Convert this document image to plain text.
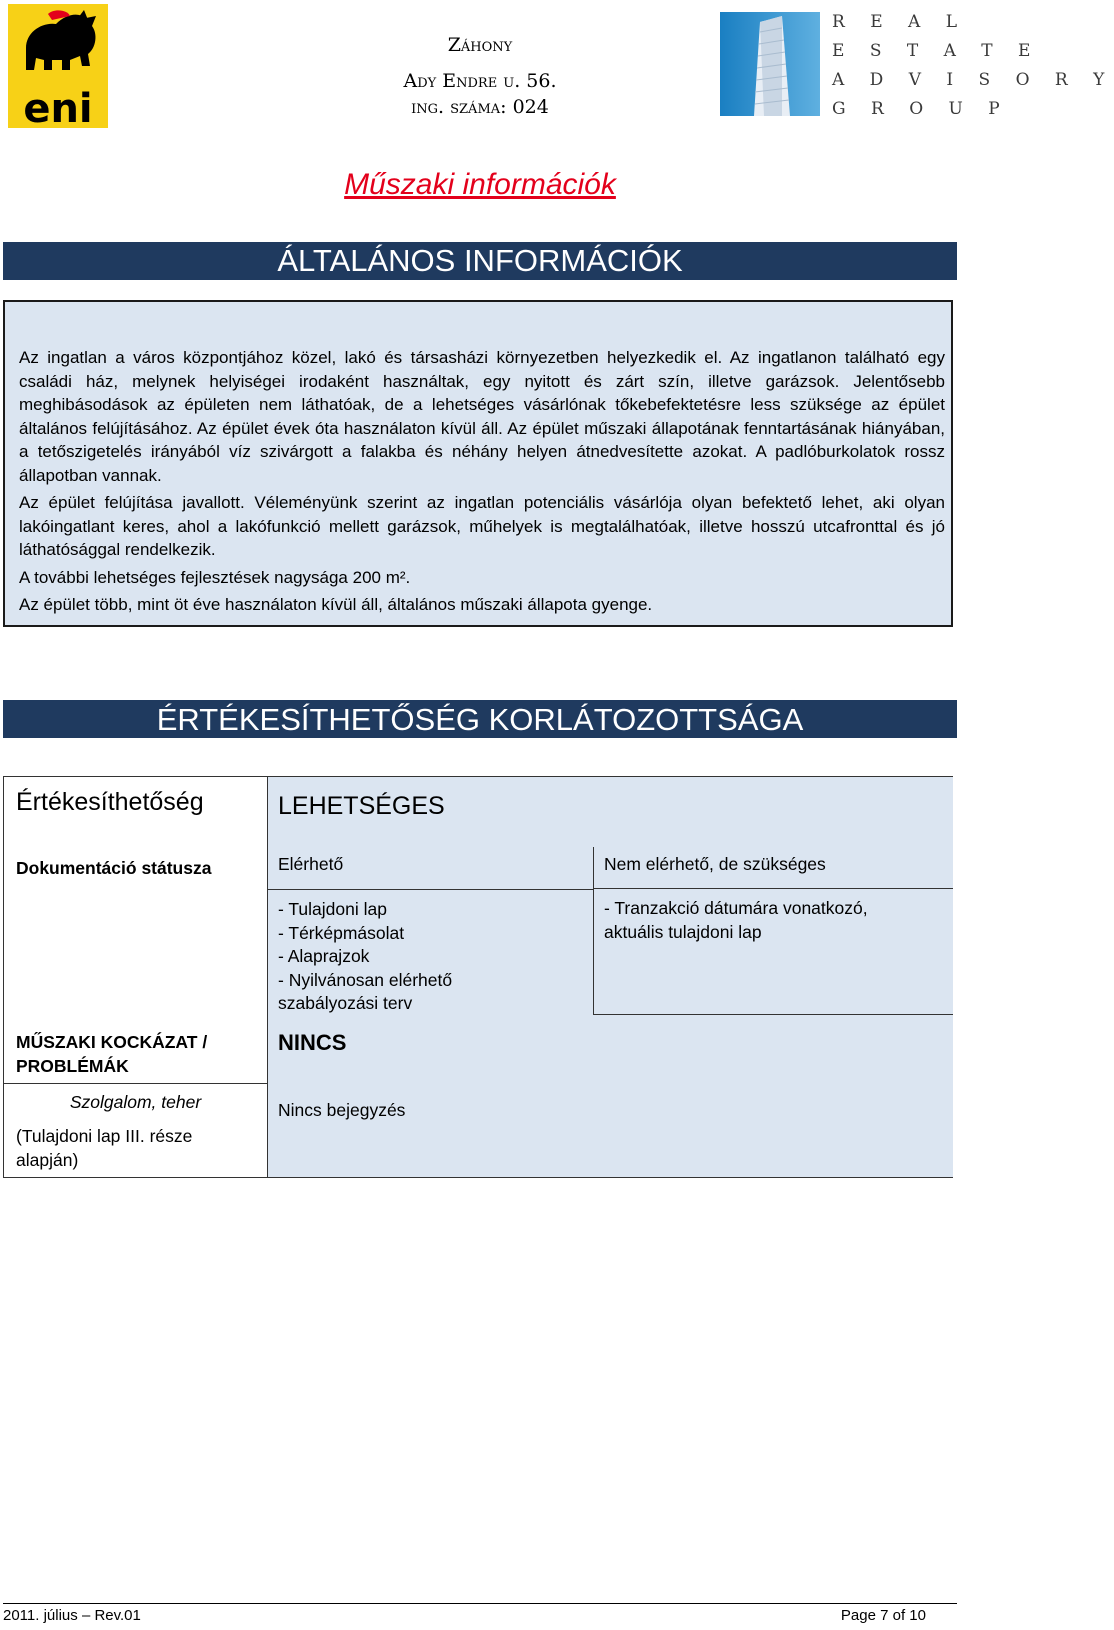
eni
Záhony
Ady Endre u. 56.
ing. száma: 024
R E A L
E S T A T E
A D V I S O R Y
G R O U P
Műszaki információk
ÁLTALÁNOS INFORMÁCIÓK

Az ingatlan a város központjához közel, lakó és társasházi környezetben helyezkedik el. Az ingatlanon található egy családi ház, melynek helyiségei irodaként használtak, egy nyitott és zárt szín, illetve garázsok. Jelentősebb meghibásodások az épületen nem láthatóak, de a lehetséges vásárlónak tőkebefektetésre less szüksége az épület általános felújításához. Az épület évek óta használaton kívül áll. Az épület műszaki állapotának fenntartásának hiányában, a tetőszigetelés irányából víz szivárgott a falakba és néhány helyen átnedvesítette azokat. A padlóburkolatok rossz állapotban vannak.

Az épület felújítása javallott. Véleményünk szerint az ingatlan potenciális vásárlója olyan befektető lehet, aki olyan lakóingatlant keres, ahol a lakófunkció mellett garázsok, műhelyek is megtalálhatóak, illetve hosszú utcafronttal és jó láthatósággal rendelkezik.

A további lehetséges fejlesztések nagysága 200 m².

Az épület több, mint öt éve használaton kívül áll, általános műszaki állapota gyenge.

ÉRTÉKESÍTHETŐSÉG KORLÁTOZOTTSÁGA
Értékesíthetőség
Dokumentáció státusza
MŰSZAKI KOCKÁZAT / PROBLÉMÁK
Szolgalom, teher
(Tulajdoni lap III. része alapján)
LEHETSÉGES
Elérhető	Nem elérhető, de szükséges
- Tulajdoni lap
- Térképmásolat
- Alaprajzok
- Nyilvánosan elérhető szabályozási terv
- Tranzakció dátumára vonatkozó, aktuális tulajdoni lap
NINCS
Nincs bejegyzés
2011. július – Rev.01	Page 7 of 10
